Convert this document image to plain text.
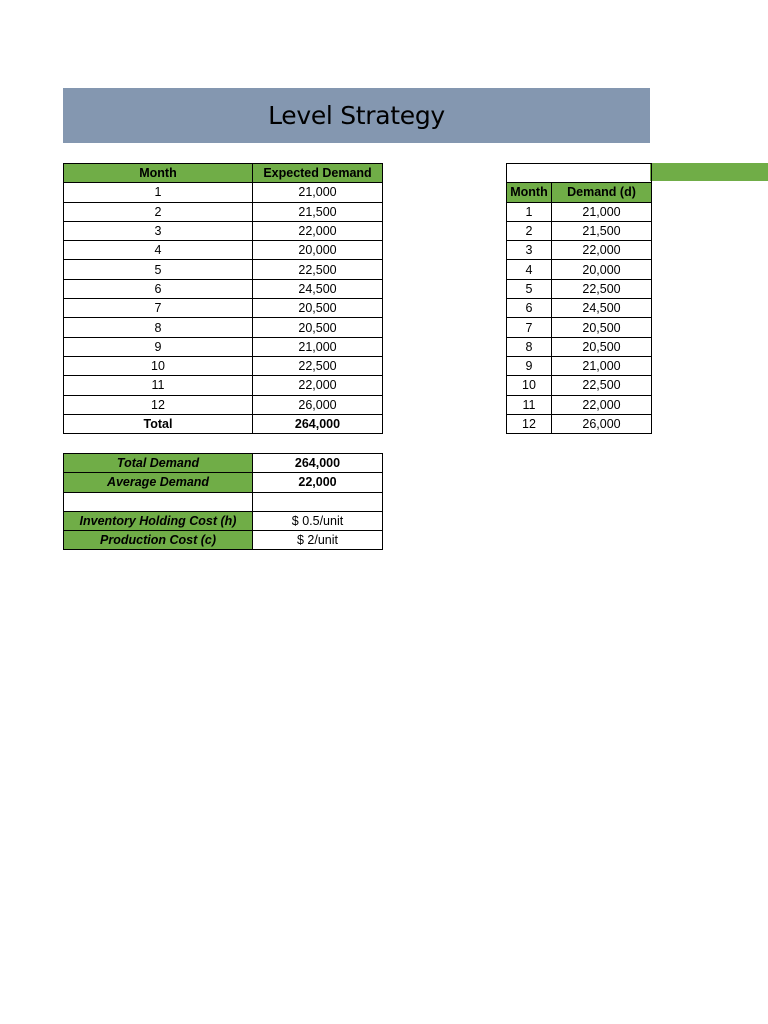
Level Strategy
Month	Expected Demand
1	21,000
2	21,500
3	22,000
4	20,000
5	22,500
6	24,500
7	20,500
8	20,500
9	21,000
10	22,500
11	22,000
12	26,000
Total	264,000
Total Demand	264,000
Average Demand	22,000

Inventory Holding Cost (h)	$ 0.5/unit
Production Cost (c)	$ 2/unit

Month	Demand (d)
1	21,000
2	21,500
3	22,000
4	20,000
5	22,500
6	24,500
7	20,500
8	20,500
9	21,000
10	22,500
11	22,000
12	26,000
